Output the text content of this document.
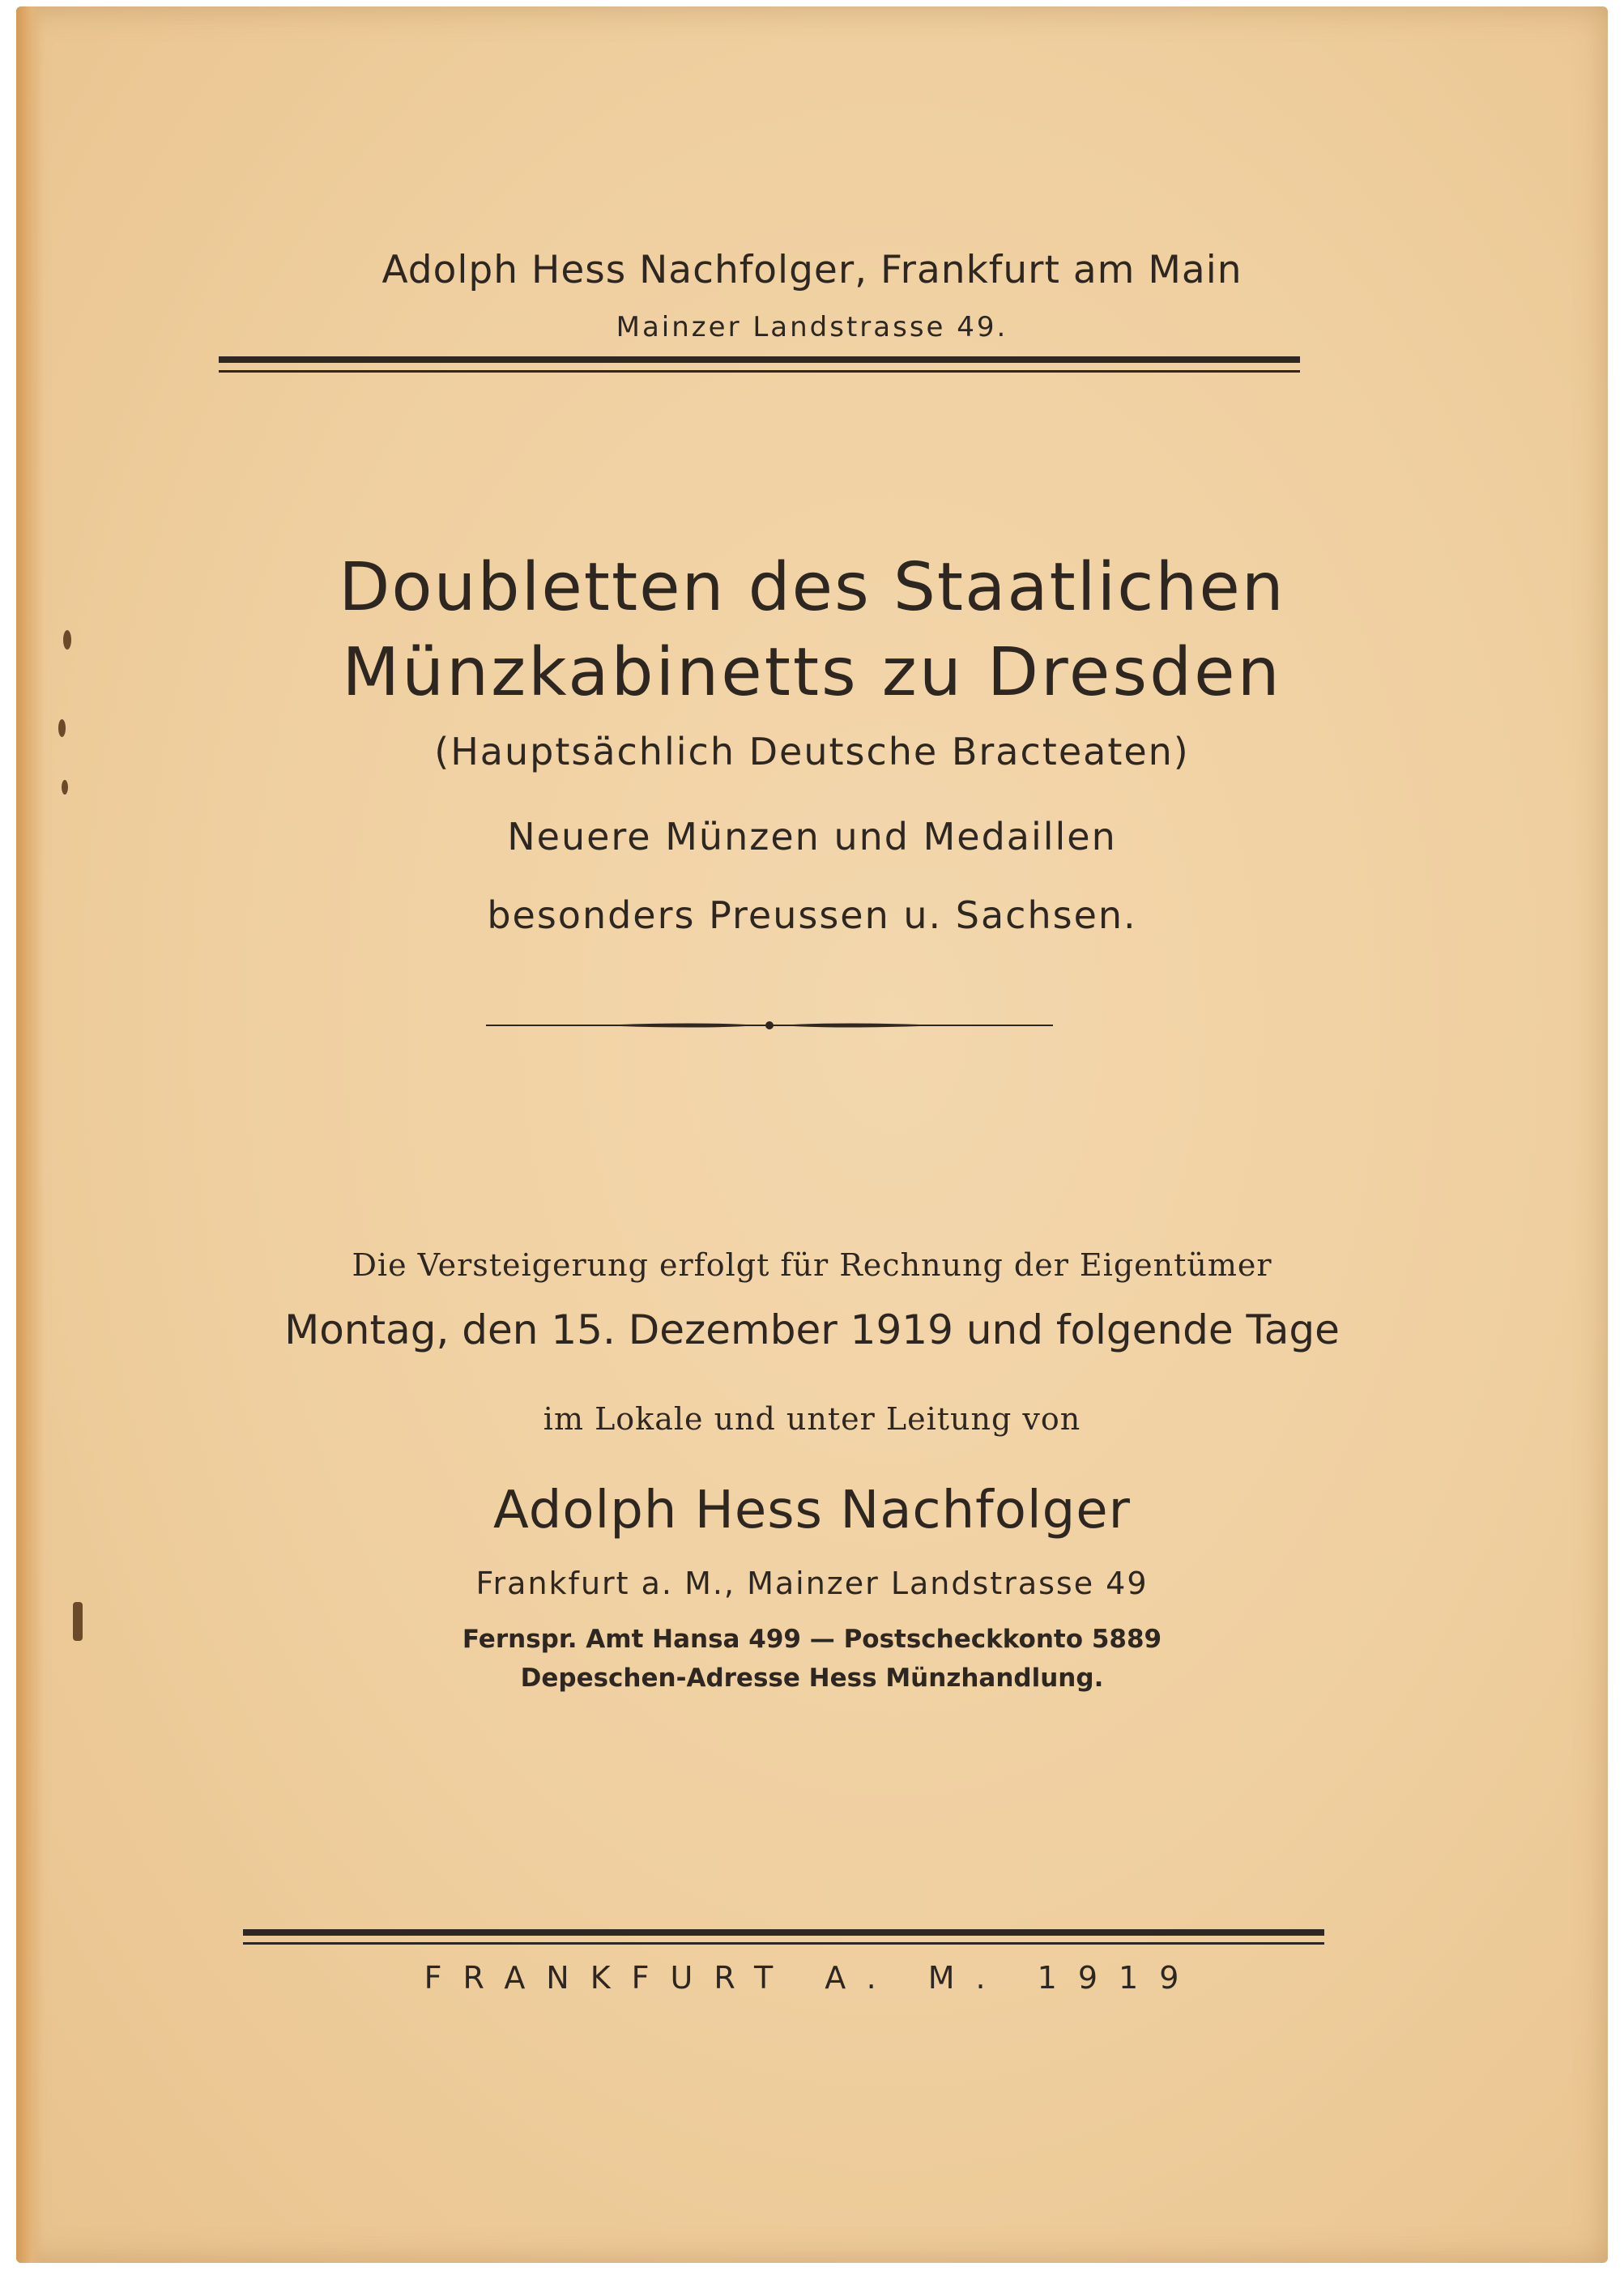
Adolph Hess Nachfolger, Frankfurt am Main
Mainzer Landstrasse 49.
Doubletten des Staatlichen
Münzkabinetts zu Dresden
(Hauptsächlich Deutsche Bracteaten)
Neuere Münzen und Medaillen
besonders Preussen u. Sachsen.
Die Versteigerung erfolgt für Rechnung der Eigentümer
Montag, den 15. Dezember 1919 und folgende Tage
im Lokale und unter Leitung von
Adolph Hess Nachfolger
Frankfurt a. M., Mainzer Landstrasse 49
Fernspr. Amt Hansa 499 — Postscheckkonto 5889
Depeschen-Adresse Hess Münzhandlung.
FRANKFURT A. M. 1919
